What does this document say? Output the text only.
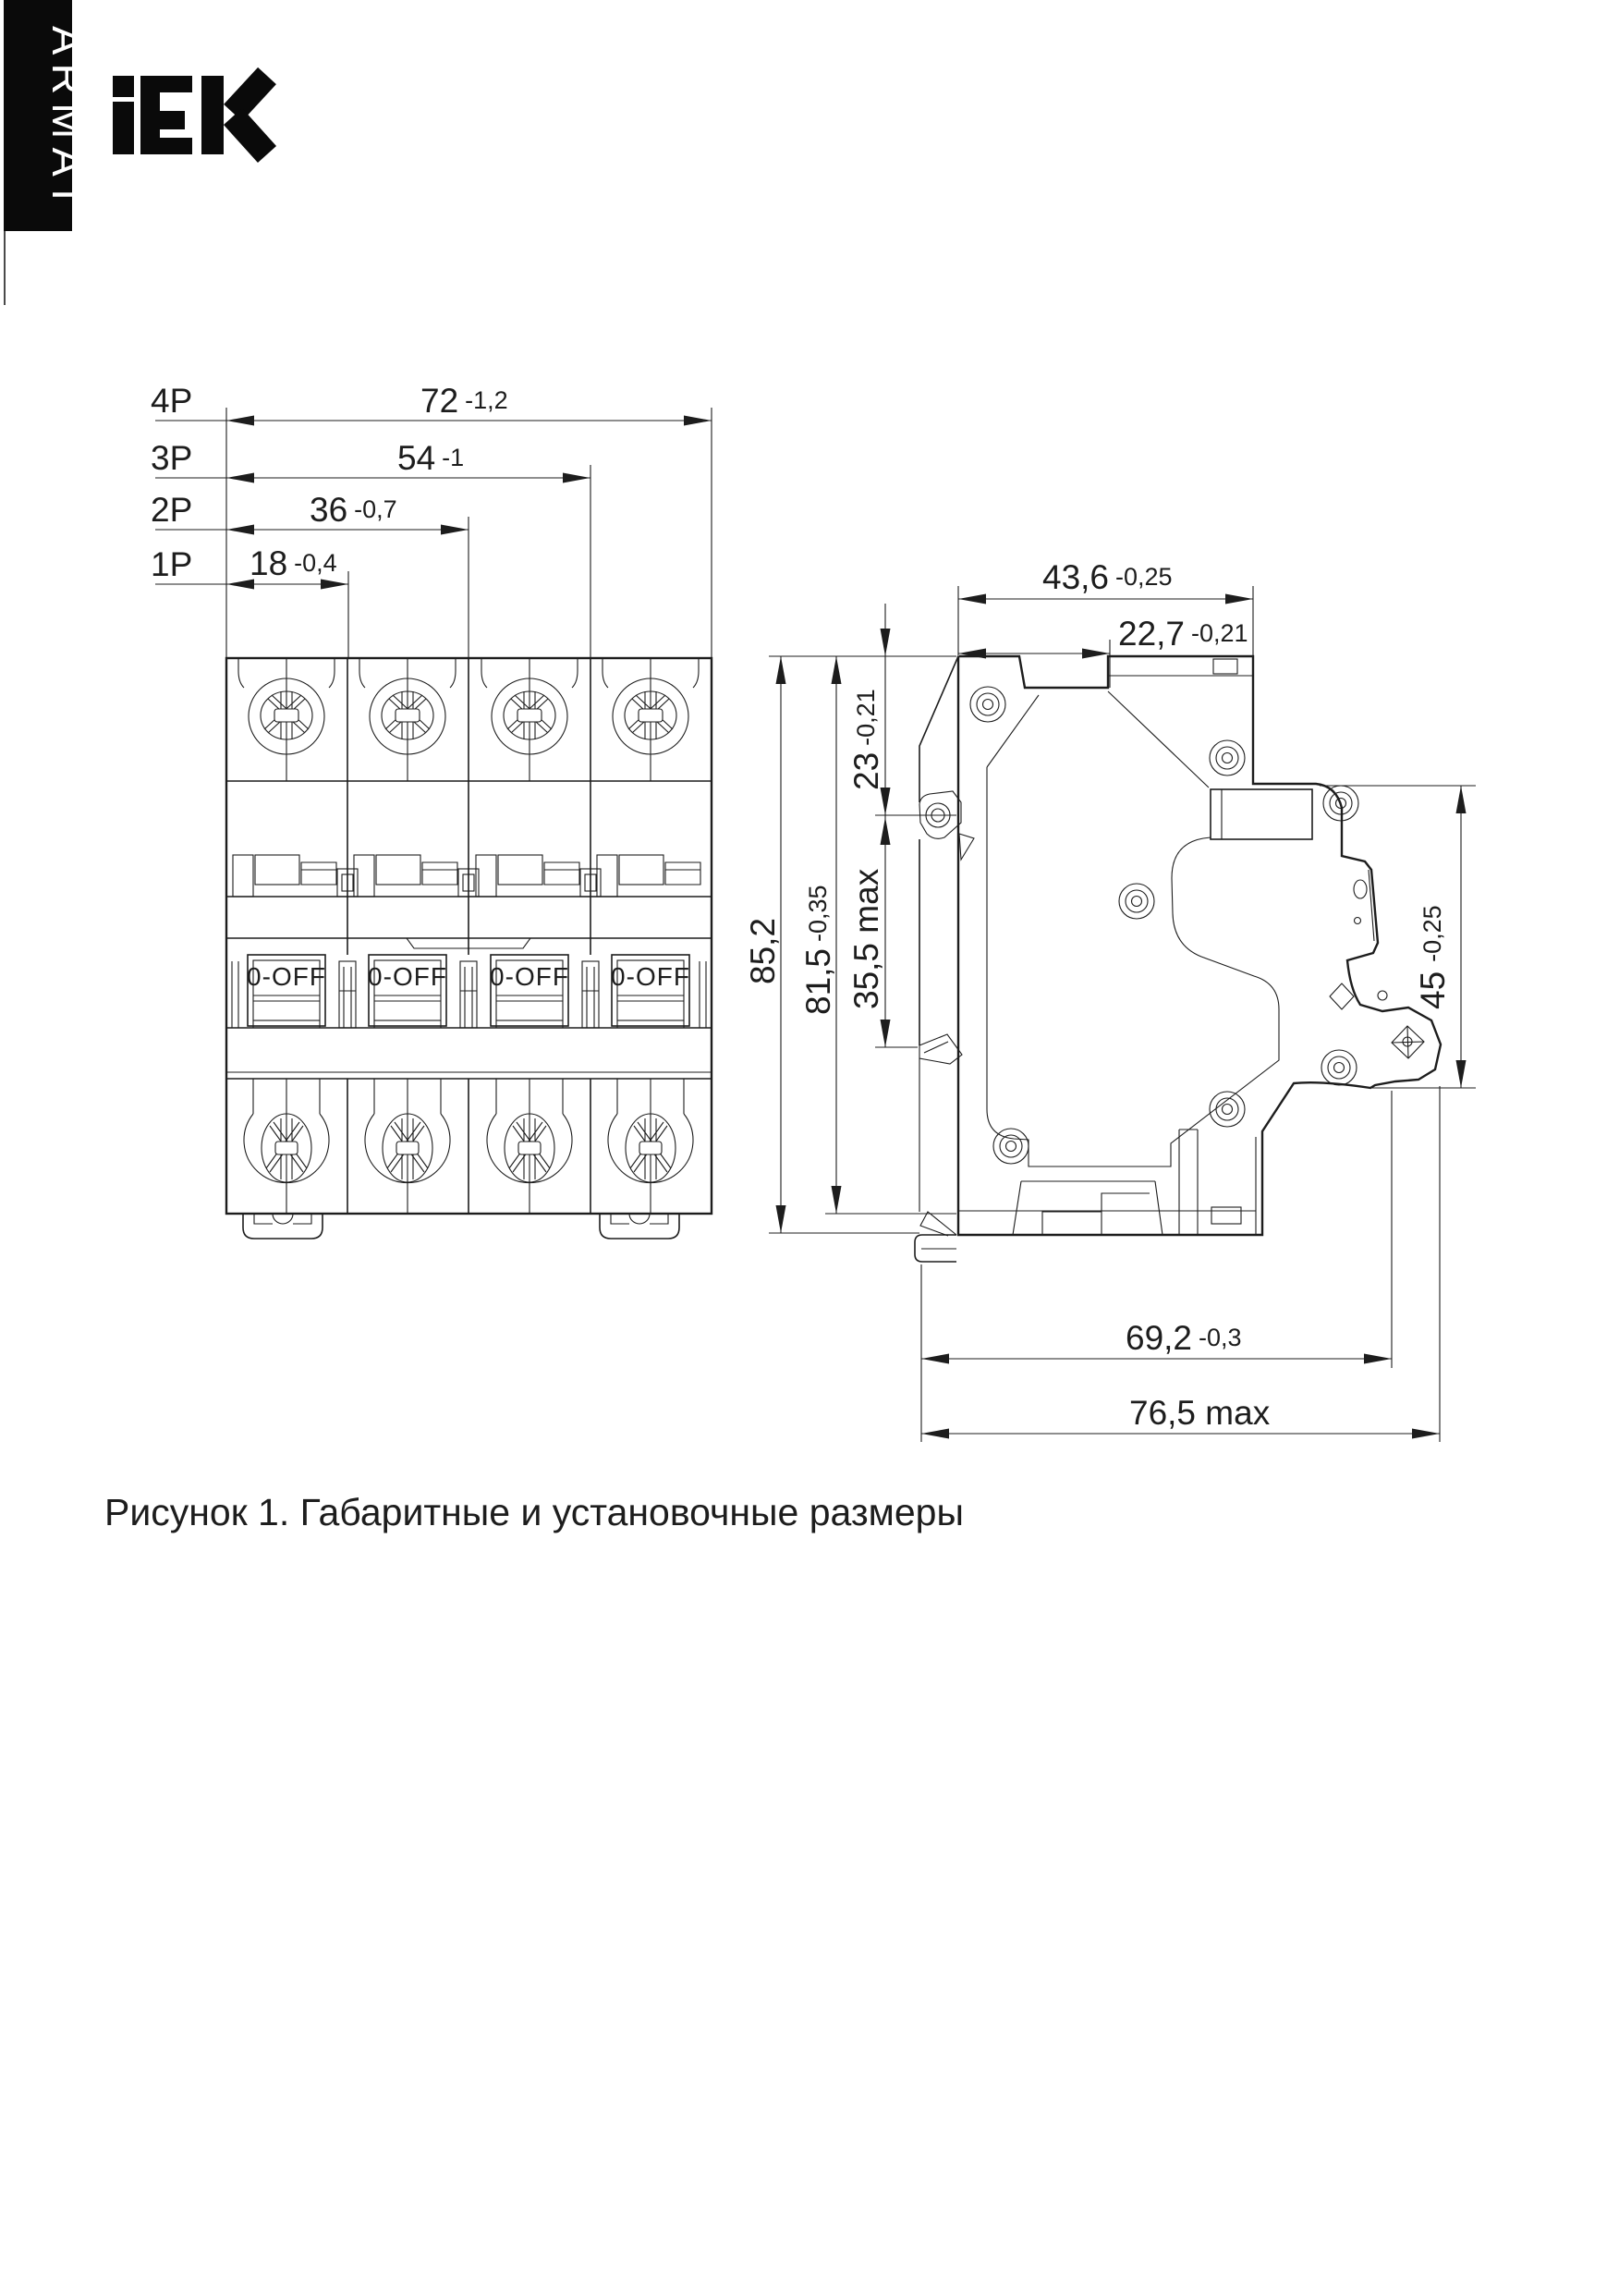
ARMAT
4P
3P
2P
1P
72 -1,2
54 -1
36 -0,7
18 -0,4	43,6 -0,25
22,7 -0,21
85,2 81,5-0,35
23-0,21
35,5 max	45-0,25
69,2 -0,3
76,5 max
Рисунок 1. Габаритные и установочные размеры
